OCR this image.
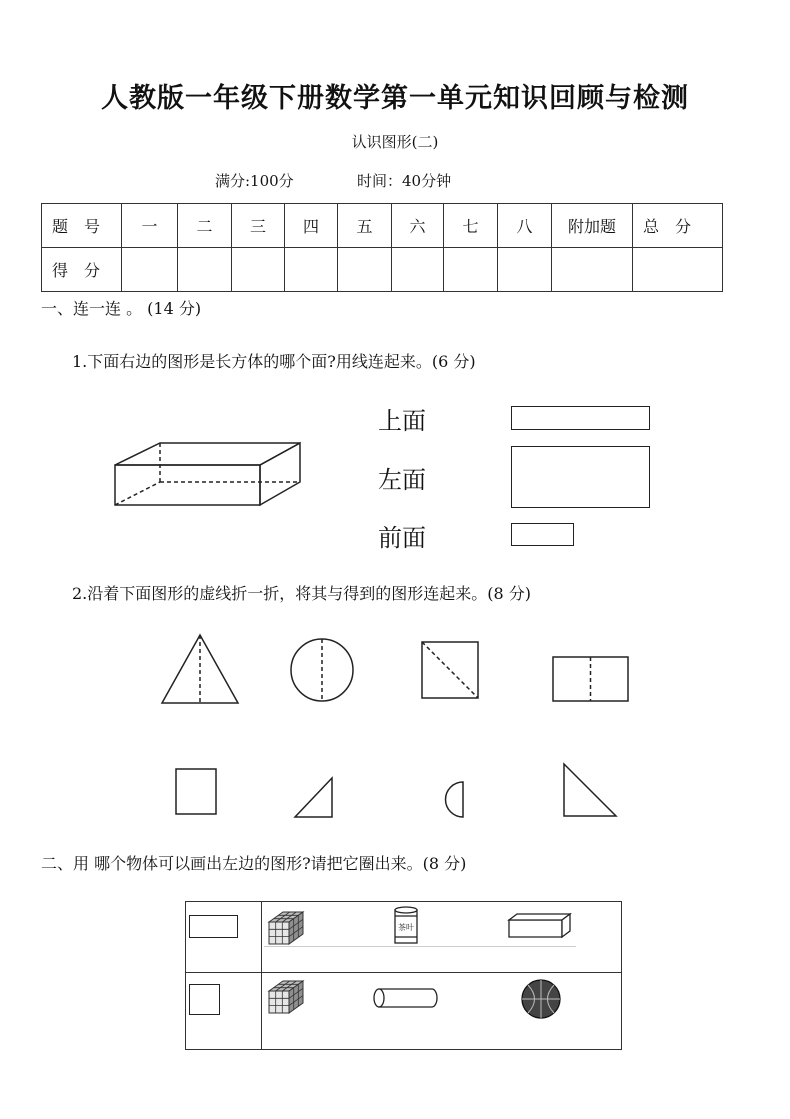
人教版一年级下册数学第一单元知识回顾与检测
认识图形(二)
满分:100分	时间：40分钟
题　号	一	二	三	四	五	六	七	八	附加题	总　分
得　分										
一、连一连 。 (14 分)
1.下面右边的图形是长方体的哪个面?用线连起来。(6 分)
上面
左面
前面
2.沿着下面图形的虚线折一折，将其与得到的图形连起来。(8 分)
二、用 哪个物体可以画出左边的图形?请把它圈出来。(8 分)

茶叶
